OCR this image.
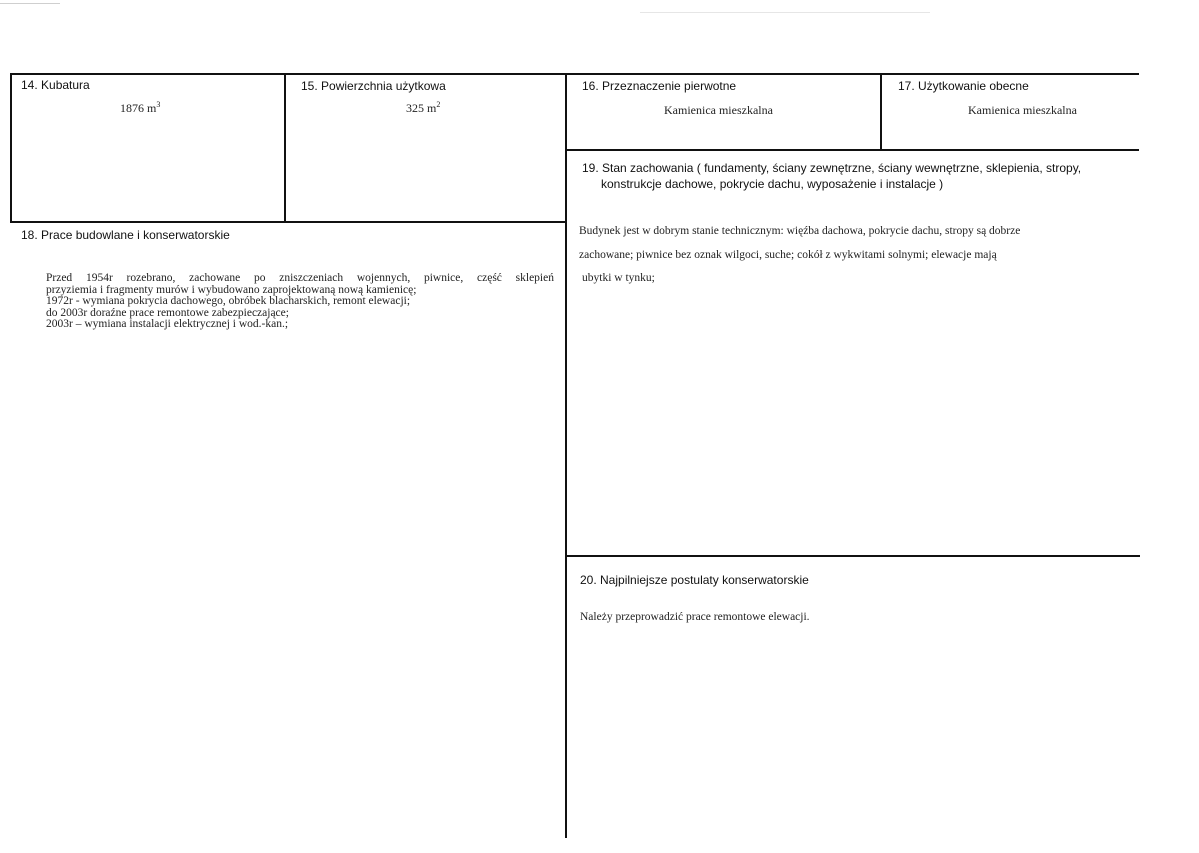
14. Kubatura
1876 $m^3$
15. Powierzchnia użytkowa
325 $m^2$
16. Przeznaczenie pierwotne
Kamienica mieszkalna
17. Użytkowanie obecne
Kamienica mieszkalna
18. Prace budowlane i konserwatorskie
Przed 1954r rozebrano, zachowane po zniszczeniach wojennych, piwnice, część sklepień
przyziemia i fragmenty murów i wybudowano zaprojektowaną nową kamienicę;
1972r - wymiana pokrycia dachowego, obróbek blacharskich, remont elewacji;
do 2003r doraźne prace remontowe zabezpieczające;
2003r – wymiana instalacji elektrycznej i wod.-kan.;
19. Stan zachowania ( fundamenty, ściany zewnętrzne, ściany wewnętrzne, sklepienia, stropy,
konstrukcje dachowe, pokrycie dachu, wyposażenie i instalacje )
Budynek jest w dobrym stanie technicznym: więźba dachowa, pokrycie dachu, stropy są dobrze
zachowane; piwnice bez oznak wilgoci, suche; cokół z wykwitami solnymi; elewacje mają
ubytki w tynku;
20. Najpilniejsze postulaty konserwatorskie
Należy przeprowadzić prace remontowe elewacji.
